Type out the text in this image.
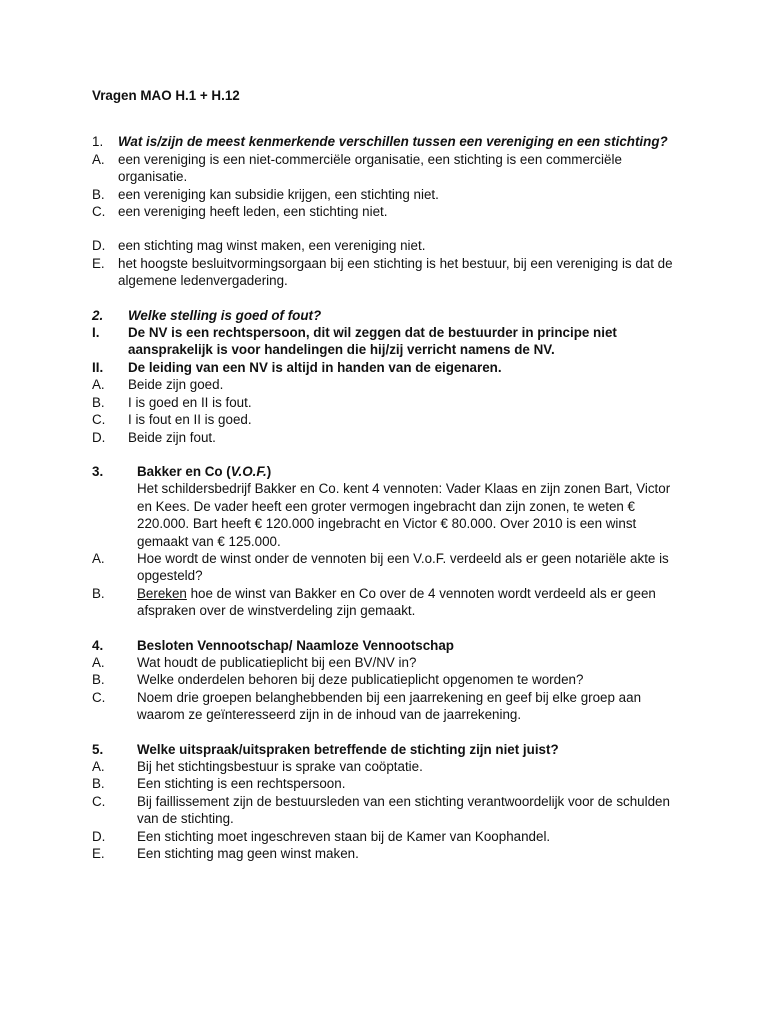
Vragen MAO H.1 + H.12
1.	Wat is/zijn de meest kenmerkende verschillen tussen een vereniging en een stichting?
A. een vereniging is een niet-commerciële organisatie, een stichting is een commerciële organisatie.
B. een vereniging kan subsidie krijgen, een stichting niet.
C. een vereniging heeft leden, een stichting niet.
D. een stichting mag winst maken, een vereniging niet.
E. het hoogste besluitvormingsorgaan bij een stichting is het bestuur, bij een vereniging is dat de algemene ledenvergadering.
2.	Welke stelling is goed of fout?
I.	De NV is een rechtspersoon, dit wil zeggen dat de bestuurder in principe niet aansprakelijk is voor handelingen die hij/zij verricht namens de NV.
II.	De leiding van een NV is altijd in handen van de eigenaren.
A.	Beide zijn goed.
B.	I is goed en II is fout.
C.	I is fout en II is goed.
D.	Beide zijn fout.
3.	Bakker en Co (V.O.F.)
Het schildersbedrijf Bakker en Co. kent 4 vennoten: Vader Klaas en zijn zonen Bart, Victor en Kees. De vader heeft een groter vermogen ingebracht dan zijn zonen, te weten € 220.000. Bart heeft € 120.000 ingebracht en Victor € 80.000. Over 2010 is een winst gemaakt van € 125.000.
A.	Hoe wordt de winst onder de vennoten bij een V.o.F. verdeeld als er geen notariële akte is opgesteld?
B.	Bereken hoe de winst van Bakker en Co over de 4 vennoten wordt verdeeld als er geen afspraken over de winstverdeling zijn gemaakt.
4.	Besloten Vennootschap/ Naamloze Vennootschap
A.	Wat houdt de publicatieplicht bij een BV/NV in?
B.	Welke onderdelen behoren bij deze publicatieplicht opgenomen te worden?
C.	Noem drie groepen belanghebbenden bij een jaarrekening en geef bij elke groep aan waarom ze geïnteresseerd zijn in de inhoud van de jaarrekening.
5.	Welke uitspraak/uitspraken betreffende de stichting zijn niet juist?
A.	Bij het stichtingsbestuur is sprake van coöptatie.
B.	Een stichting is een rechtspersoon.
C.	Bij faillissement zijn de bestuursleden van een stichting verantwoordelijk voor de schulden van de stichting.
D.	Een stichting moet ingeschreven staan bij de Kamer van Koophandel.
E.	Een stichting mag geen winst maken.
